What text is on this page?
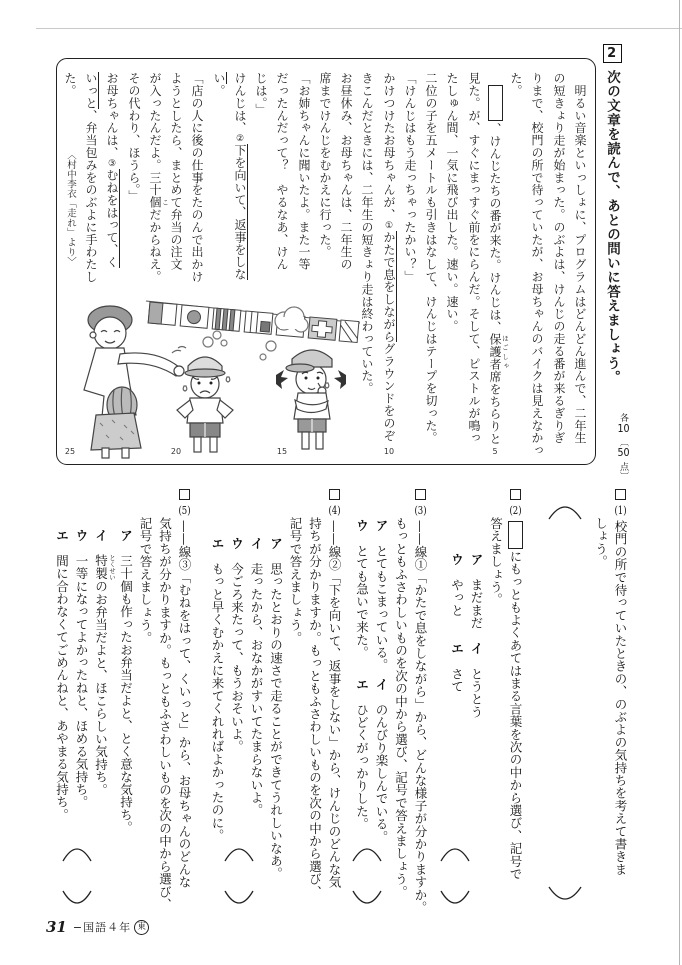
2次の文章を読んで、あとの問いに答えましょう。
各10〔50点〕
　明るい音楽といっしょに、プログラムはどんどん進んで、二年生
の短きょり走が始まった。のぶよは、けんじの走る番が来るぎりぎ
りまで、校門の所で待っていたが、お母ちゃんのバイクは見えなかっ
た。
　、けんじたちの番が来た。けんじは、保護者 ほごしゃ席をちらりと
5
見た。が、すぐにまっすぐ前をにらんだ。そして、ピストルが鳴っ
たしゅん間、一気に飛び出した。速い。速い。
二位の子を五メートルも引きはなして、けんじはテープを切った。
「けんじはもう走っちゃったかい？」
かけつけたお母ちゃんが、①かたで息をしながらグラウンドをのぞ
10
きこんだときには、二年生の短きょり走は終わっていた。
お昼休み、お母ちゃんは、二年生の
席までけんじをむかえに行った。
「お姉ちゃんに聞いたよ。また一等
だったんだって？　やるなあ、けん
15
じは。」
けんじは、②下を向いて、返事をしな
い。
「店の人に後の仕事をたのんで出かけ
ようとしたら、まとめて弁当の注文
20
が入ったんだよ。三十個 こだからねえ。
その代わり、ほうら。」
お母ちゃんは、③むねをはって、く
いっと、弁当包みをのぶよに手わたし
た。
25
〈村中李衣「走れ」より〉

(1)校門の所で待っていたときの、のぶよの気持ちを考えて書きま

しょう。

(2)にもっともよくあてはまる言葉を次の中から選び、記号で

答えましょう。

ア　まだまだ　イ　とうとう

ウ　やっと　　エ　さて

(3)——線①「かたで息をしながら」から、どんな様子が分かりますか。

もっともふさわしいものを次の中から選び、記号で答えましょう。

ア　とてもこまっている。　イ　のんびり楽しんでいる。

ウ　とても急いで来た。　　エ　ひどくがっかりした。

(4)——線②「下を向いて、返事をしない」から、けんじのどんな気

持ちが分かりますか。もっともふさわしいものを次の中から選び、

記号で答えましょう。

ア　思ったとおりの速さで走ることができてうれしいなあ。

イ　走ったから、おなかがすいてたまらないよ。

ウ　今ごろ来たって、もうおそいよ。

エ　もっと早くむかえに来てくれればよかったのに。

(5)——線③「むねをはって、くいっと」から、お母ちゃんのどんな

気持ちが分かりますか。もっともふさわしいものを次の中から選び、

記号で答えましょう。

ア　三十個も作ったお弁当だよと、とく意な気持ち。

イ　特製 とくせいのお弁当だよと、ほこらしい気持ち。

ウ　一等になってよかったねと、ほめる気持ち。

エ　間に合わなくてごめんねと、あやまる気持ち。

31 −国語４年 東
